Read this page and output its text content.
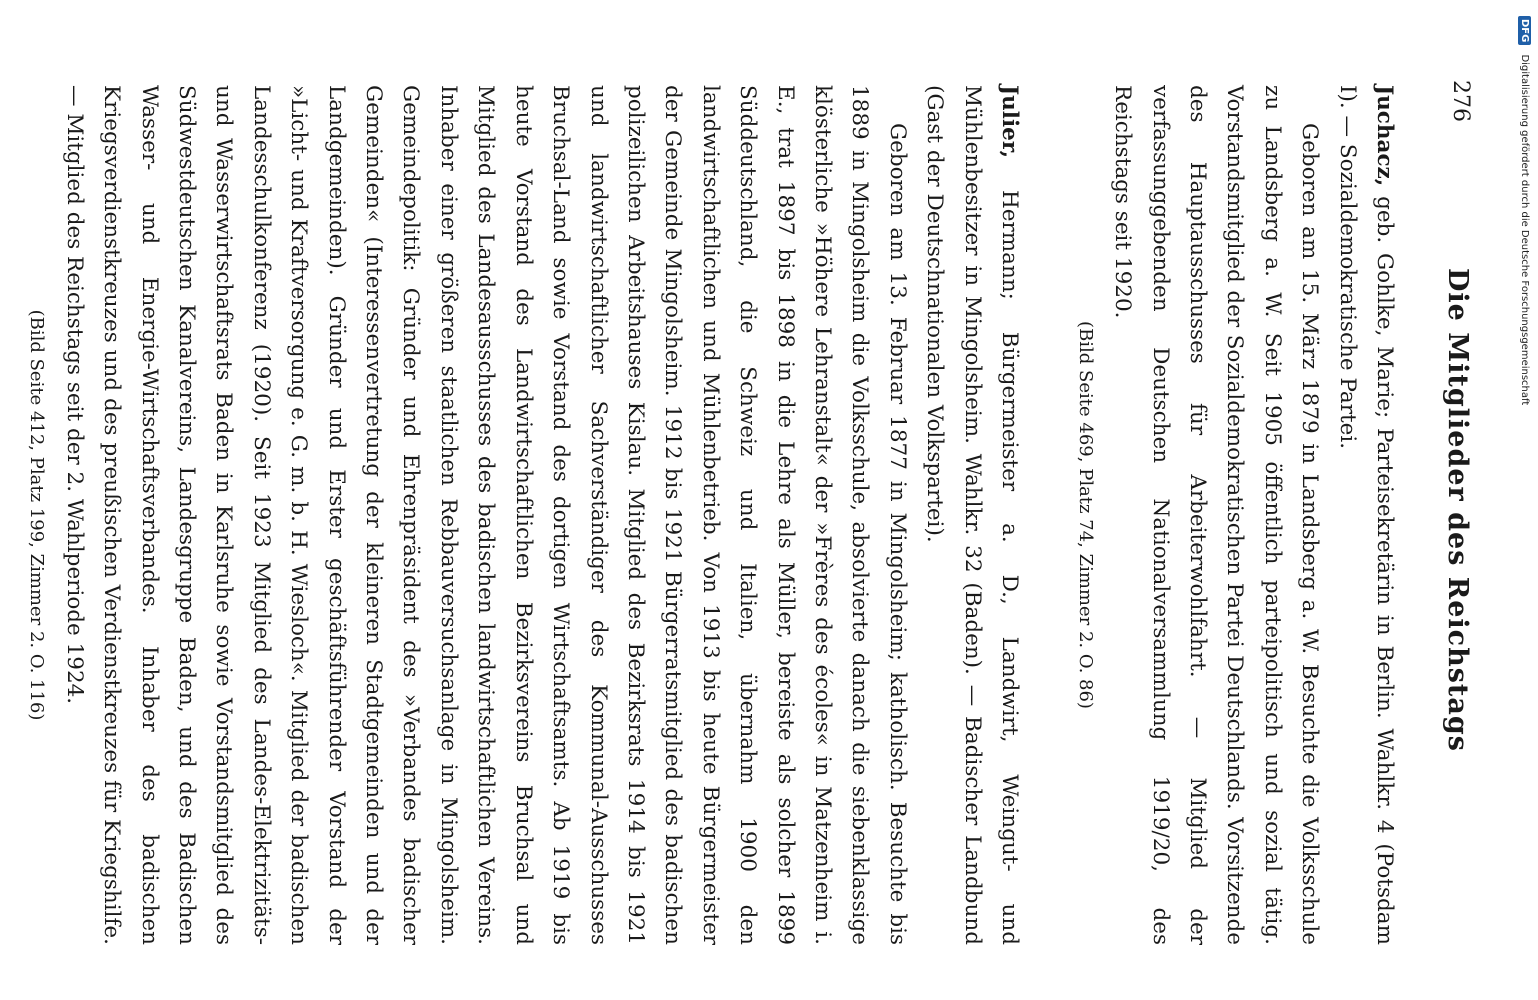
276
Die Mitglieder des Reichstags

Juchacz, geb. Gohlke, Marie; Parteisekretärin in Berlin. Wahlkr. 4 (Potsdam I). — Sozialdemokratische Partei.

Geboren am 15. März 1879 in Landsberg a. W. Besuchte die Volksschule zu Landsberg a. W. Seit 1905 öffentlich parteipolitisch und sozial tätig. Vorstandsmitglied der Sozialdemokratischen Partei Deutschlands. Vorsitzende des Hauptausschusses für Arbeiterwohlfahrt. — Mitglied der verfassunggebenden Deutschen Nationalversammlung 1919/20, des Reichstags seit 1920.

(Bild Seite 469, Platz 74, Zimmer 2. O. 86)

Julier, Hermann; Bürgermeister a. D., Landwirt, Weingut- und Mühlenbesitzer in Mingolsheim. Wahlkr. 32 (Baden). — Badischer Landbund (Gast der Deutschnationalen Volkspartei).

Geboren am 13. Februar 1877 in Mingolsheim; katholisch. Besuchte bis 1889 in Mingolsheim die Volksschule, absolvierte danach die siebenklassige klösterliche »Höhere Lehranstalt« der »Frères des écoles« in Matzenheim i. E., trat 1897 bis 1898 in die Lehre als Müller, bereiste als solcher 1899 Süddeutschland, die Schweiz und Italien, übernahm 1900 den landwirtschaftlichen und Mühlenbetrieb. Von 1913 bis heute Bürgermeister der Gemeinde Mingolsheim. 1912 bis 1921 Bürgerratsmitglied des badischen polizeilichen Arbeitshauses Kislau. Mitglied des Bezirksrats 1914 bis 1921 und landwirtschaftlicher Sachverständiger des Kommunal-Ausschusses Bruchsal-Land sowie Vorstand des dortigen Wirtschaftsamts. Ab 1919 bis heute Vorstand des Landwirtschaftlichen Bezirksvereins Bruchsal und Mitglied des Landesausschusses des badischen landwirtschaftlichen Vereins. Inhaber einer größeren staatlichen Rebbauversuchsanlage in Mingolsheim. Gemeindepolitik: Gründer und Ehrenpräsident des »Verbandes badischer Gemeinden« (Interessenvertretung der kleineren Stadtgemeinden und der Landgemeinden). Gründer und Erster geschäftsführender Vorstand der »Licht- und Kraftversorgung e. G. m. b. H. Wiesloch«. Mitglied der badischen Landesschulkonferenz (1920). Seit 1923 Mitglied des Landes-Elektrizitäts- und Wasserwirtschaftsrats Baden in Karlsruhe sowie Vorstandsmitglied des Südwestdeutschen Kanalvereins, Landesgruppe Baden, und des Badischen Wasser- und Energie-Wirtschaftsverbandes. Inhaber des badischen Kriegsverdienstkreuzes und des preußischen Verdienstkreuzes für Kriegshilfe. — Mitglied des Reichstags seit der 2. Wahlperiode 1924.

(Bild Seite 412, Platz 199, Zimmer 2. O. 116)

DFG Digitalisierung gefördert durch die Deutsche Forschungsgemeinschaft
